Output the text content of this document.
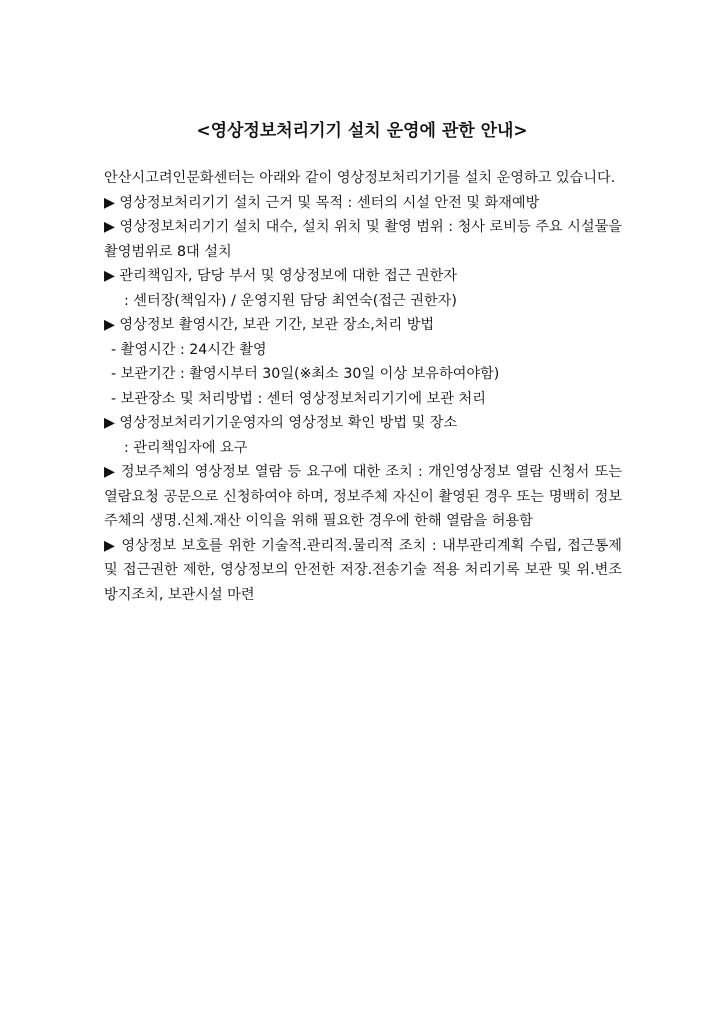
<영상정보처리기기 설치 운영에 관한 안내>

안산시고려인문화센터는 아래와 같이 영상정보처리기기를 설치 운영하고 있습니다.

▶ 영상정보처리기기 설치 근거 및 목적 : 센터의 시설 안전 및 화재예방

▶ 영상정보처리기기 설치 대수, 설치 위치 및 촬영 범위 : 청사 로비등 주요 시설물을 촬영범위로 8대 설치

▶ 관리책임자, 담당 부서 및 영상정보에 대한 접근 권한자

: 센터장(책임자) / 운영지원 담당 최연숙(접근 권한자)

▶ 영상정보 촬영시간, 보관 기간, 보관 장소,처리 방법

- 촬영시간 : 24시간 촬영

- 보관기간 : 촬영시부터 30일(※최소 30일 이상 보유하여야함)

- 보관장소 및 처리방법 : 센터 영상정보처리기기에 보관 처리

▶ 영상정보처리기기운영자의 영상정보 확인 방법 및 장소

: 관리책임자에 요구

▶ 정보주체의 영상정보 열람 등 요구에 대한 조치 : 개인영상정보 열람 신청서 또는 열람요청 공문으로 신청하여야 하며, 정보주체 자신이 촬영된 경우 또는 명백히 정보주체의 생명.신체.재산 이익을 위해 필요한 경우에 한해 열람을 허용함

▶ 영상정보 보호를 위한 기술적.관리적.물리적 조치 : 내부관리계획 수립, 접근통제 및 접근권한 제한, 영상정보의 안전한 저장.전송기술 적용 처리기록 보관 및 위.변조 방지조치, 보관시설 마련
